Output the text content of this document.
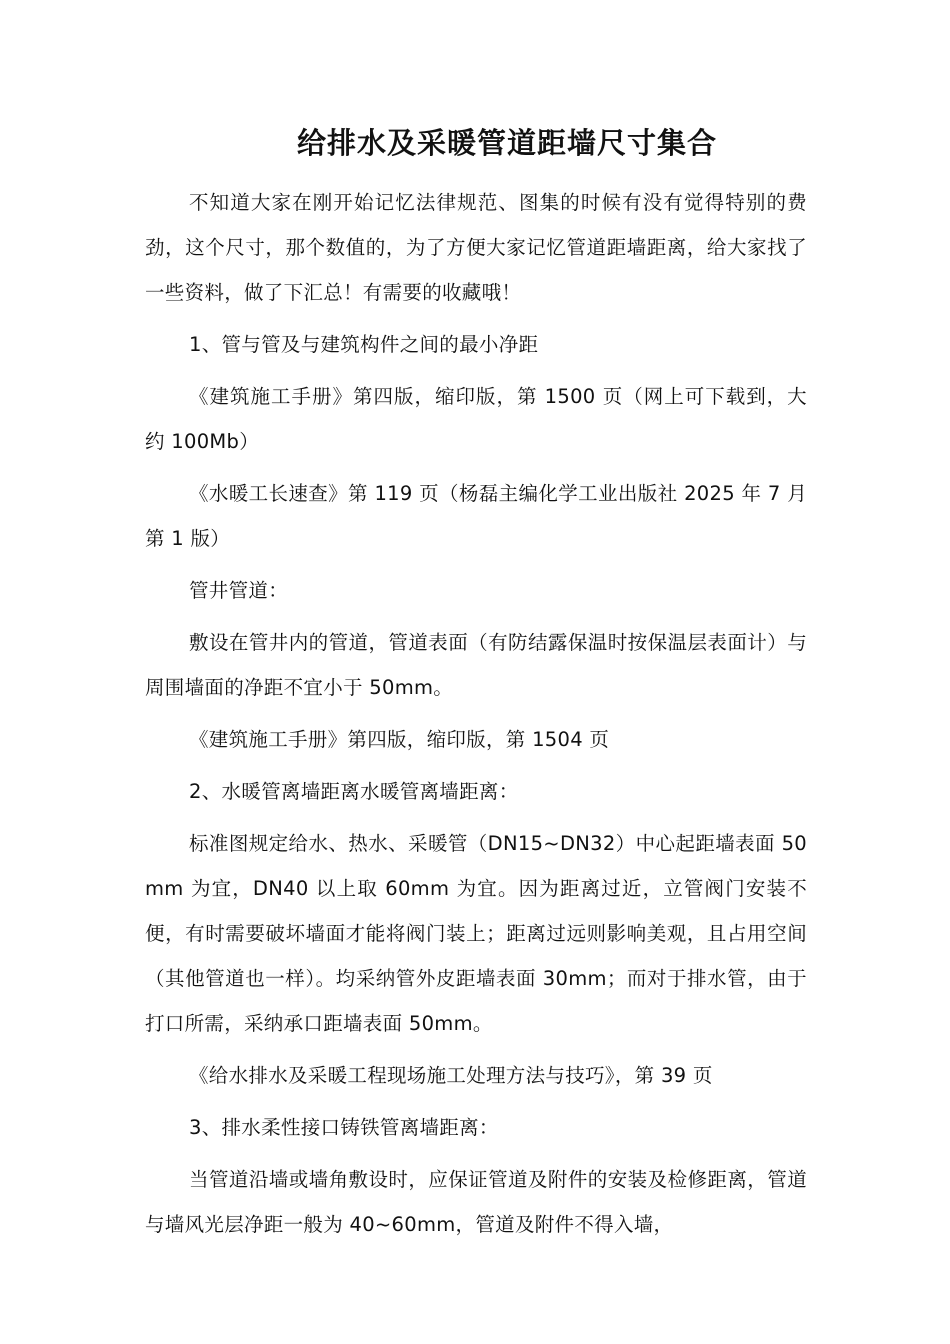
给排水及采暖管道距墙尺寸集合

不知道大家在刚开始记忆法律规范、图集的时候有没有觉得特别的费劲，这个尺寸，那个数值的，为了方便大家记忆管道距墙距离，给大家找了一些资料，做了下汇总！有需要的收藏哦！

1、管与管及与建筑构件之间的最小净距

《建筑施工手册》第四版，缩印版，第 1500 页（网上可下载到，大约 100Mb）

《水暖工长速查》第 119 页（杨磊主编化学工业出版社 2025 年 7 月第 1 版）

管井管道：

敷设在管井内的管道，管道表面（有防结露保温时按保温层表面计）与周围墙面的净距不宜小于 50mm。

《建筑施工手册》第四版，缩印版，第 1504 页

2、水暖管离墙距离水暖管离墙距离：

标准图规定给水、热水、采暖管（DN15~DN32）中心起距墙表面 50mm 为宜，DN40 以上取 60mm 为宜。因为距离过近，立管阀门安装不便，有时需要破坏墙面才能将阀门装上；距离过远则影响美观，且占用空间（其他管道也一样）。均采纳管外皮距墙表面 30mm；而对于排水管，由于打口所需，采纳承口距墙表面 50mm。

《给水排水及采暖工程现场施工处理方法与技巧》，第 39 页

3、排水柔性接口铸铁管离墙距离：

当管道沿墙或墙角敷设时，应保证管道及附件的安装及检修距离，管道与墙风光层净距一般为 40~60mm，管道及附件不得入墙，
